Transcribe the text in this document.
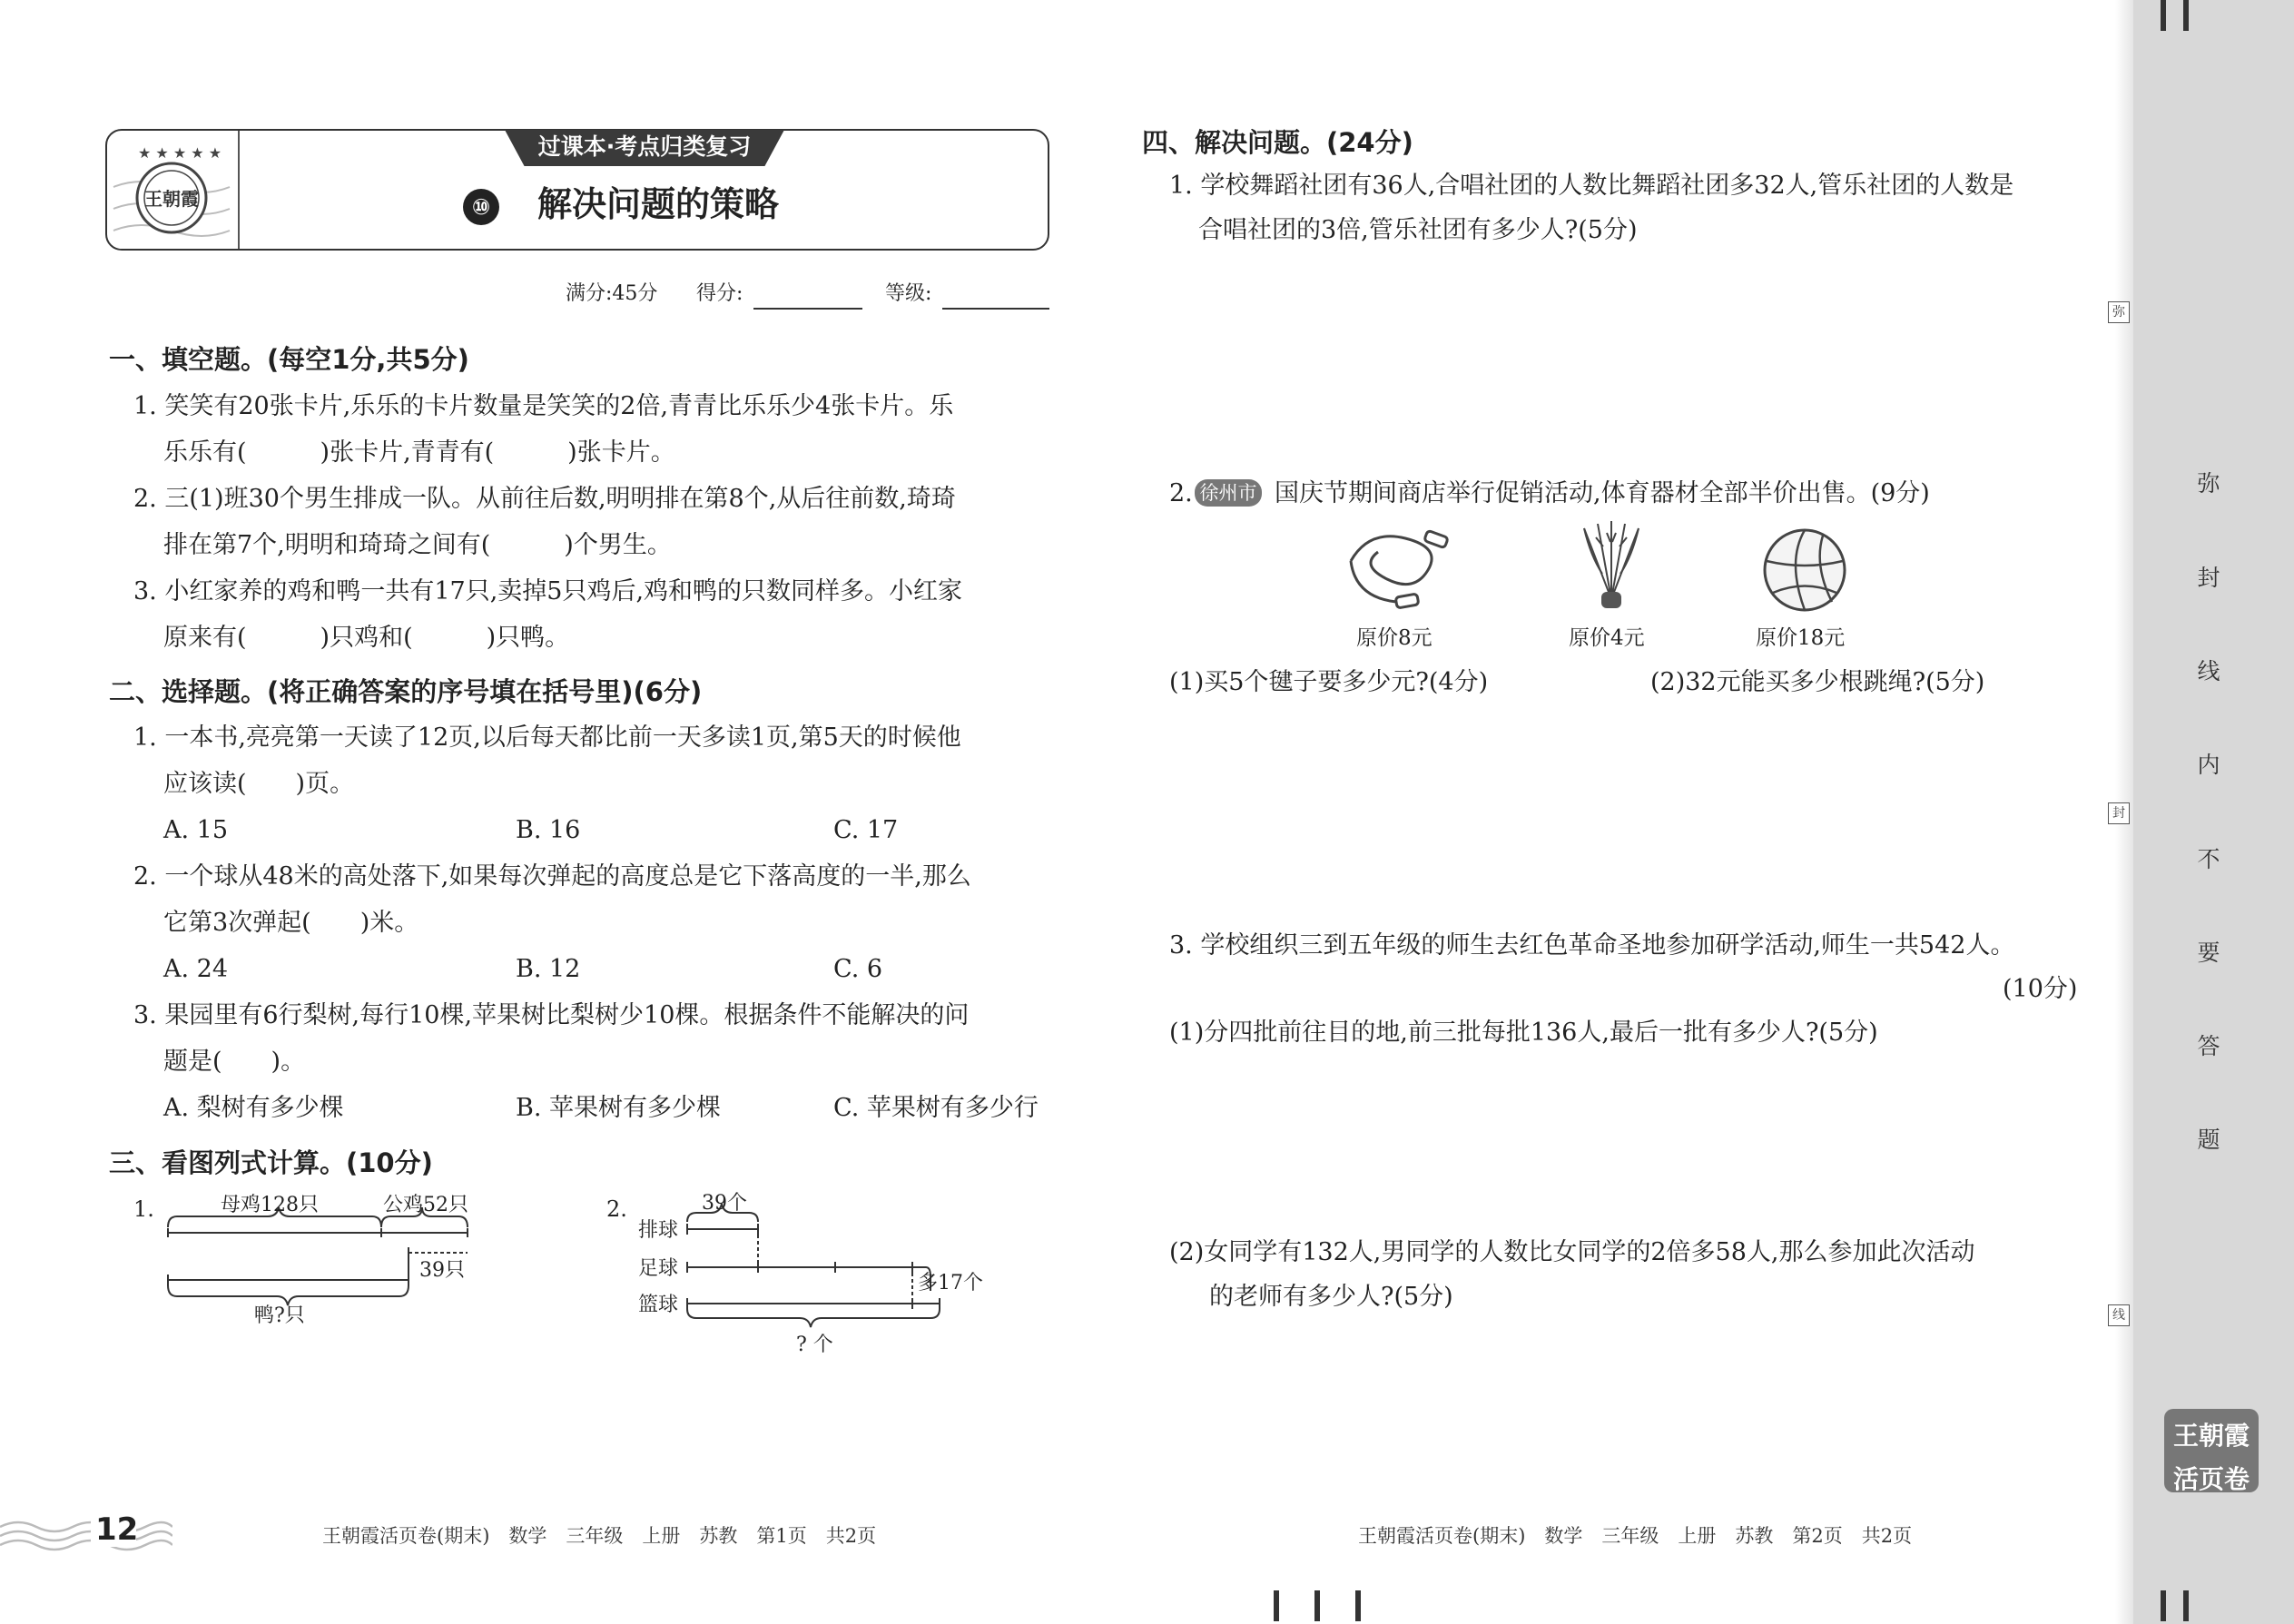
弥
封
线
内
不
要
答
题
弥
封
线
王朝霞
活页卷
★ ★ ★ ★ ★
王朝霞
过课本·考点归类复习
⑩ 解决问题的策略
满分:45分 得分:	等级:
一、填空题。(每空1分,共5分)
1. 笑笑有20张卡片,乐乐的卡片数量是笑笑的2倍,青青比乐乐少4张卡片。乐
乐乐有(　　　)张卡片,青青有(　　　)张卡片。
2. 三(1)班30个男生排成一队。从前往后数,明明排在第8个,从后往前数,琦琦
排在第7个,明明和琦琦之间有(　　　)个男生。
3. 小红家养的鸡和鸭一共有17只,卖掉5只鸡后,鸡和鸭的只数同样多。小红家
原来有(　　　)只鸡和(　　　)只鸭。
二、选择题。(将正确答案的序号填在括号里)(6分)
1. 一本书,亮亮第一天读了12页,以后每天都比前一天多读1页,第5天的时候他
应该读(　　)页。
A. 15	B. 16	C. 17
2. 一个球从48米的高处落下,如果每次弹起的高度总是它下落高度的一半,那么
它第3次弹起(　　)米。
A. 24	B. 12	C. 6
3. 果园里有6行梨树,每行10棵,苹果树比梨树少10棵。根据条件不能解决的问
题是(　　)。
A. 梨树有多少棵	B. 苹果树有多少棵	C. 苹果树有多少行
三、看图列式计算。(10分)
1.	母鸡128只	公鸡52只
39只
鸭?只
2.	39个
排球
足球
篮球
多17个
? 个
12	王朝霞活页卷(期末)　数学　三年级　上册　苏教　第1页　共2页
四、解决问题。(24分)
1. 学校舞蹈社团有36人,合唱社团的人数比舞蹈社团多32人,管乐社团的人数是
合唱社团的3倍,管乐社团有多少人?(5分)
2. 徐州市 国庆节期间商店举行促销活动,体育器材全部半价出售。(9分)
原价8元	原价4元	原价18元
(1)买5个毽子要多少元?(4分)	(2)32元能买多少根跳绳?(5分)
3. 学校组织三到五年级的师生去红色革命圣地参加研学活动,师生一共542人。
(10分)
(1)分四批前往目的地,前三批每批136人,最后一批有多少人?(5分)
(2)女同学有132人,男同学的人数比女同学的2倍多58人,那么参加此次活动
的老师有多少人?(5分)
王朝霞活页卷(期末)　数学　三年级　上册　苏教　第2页　共2页
